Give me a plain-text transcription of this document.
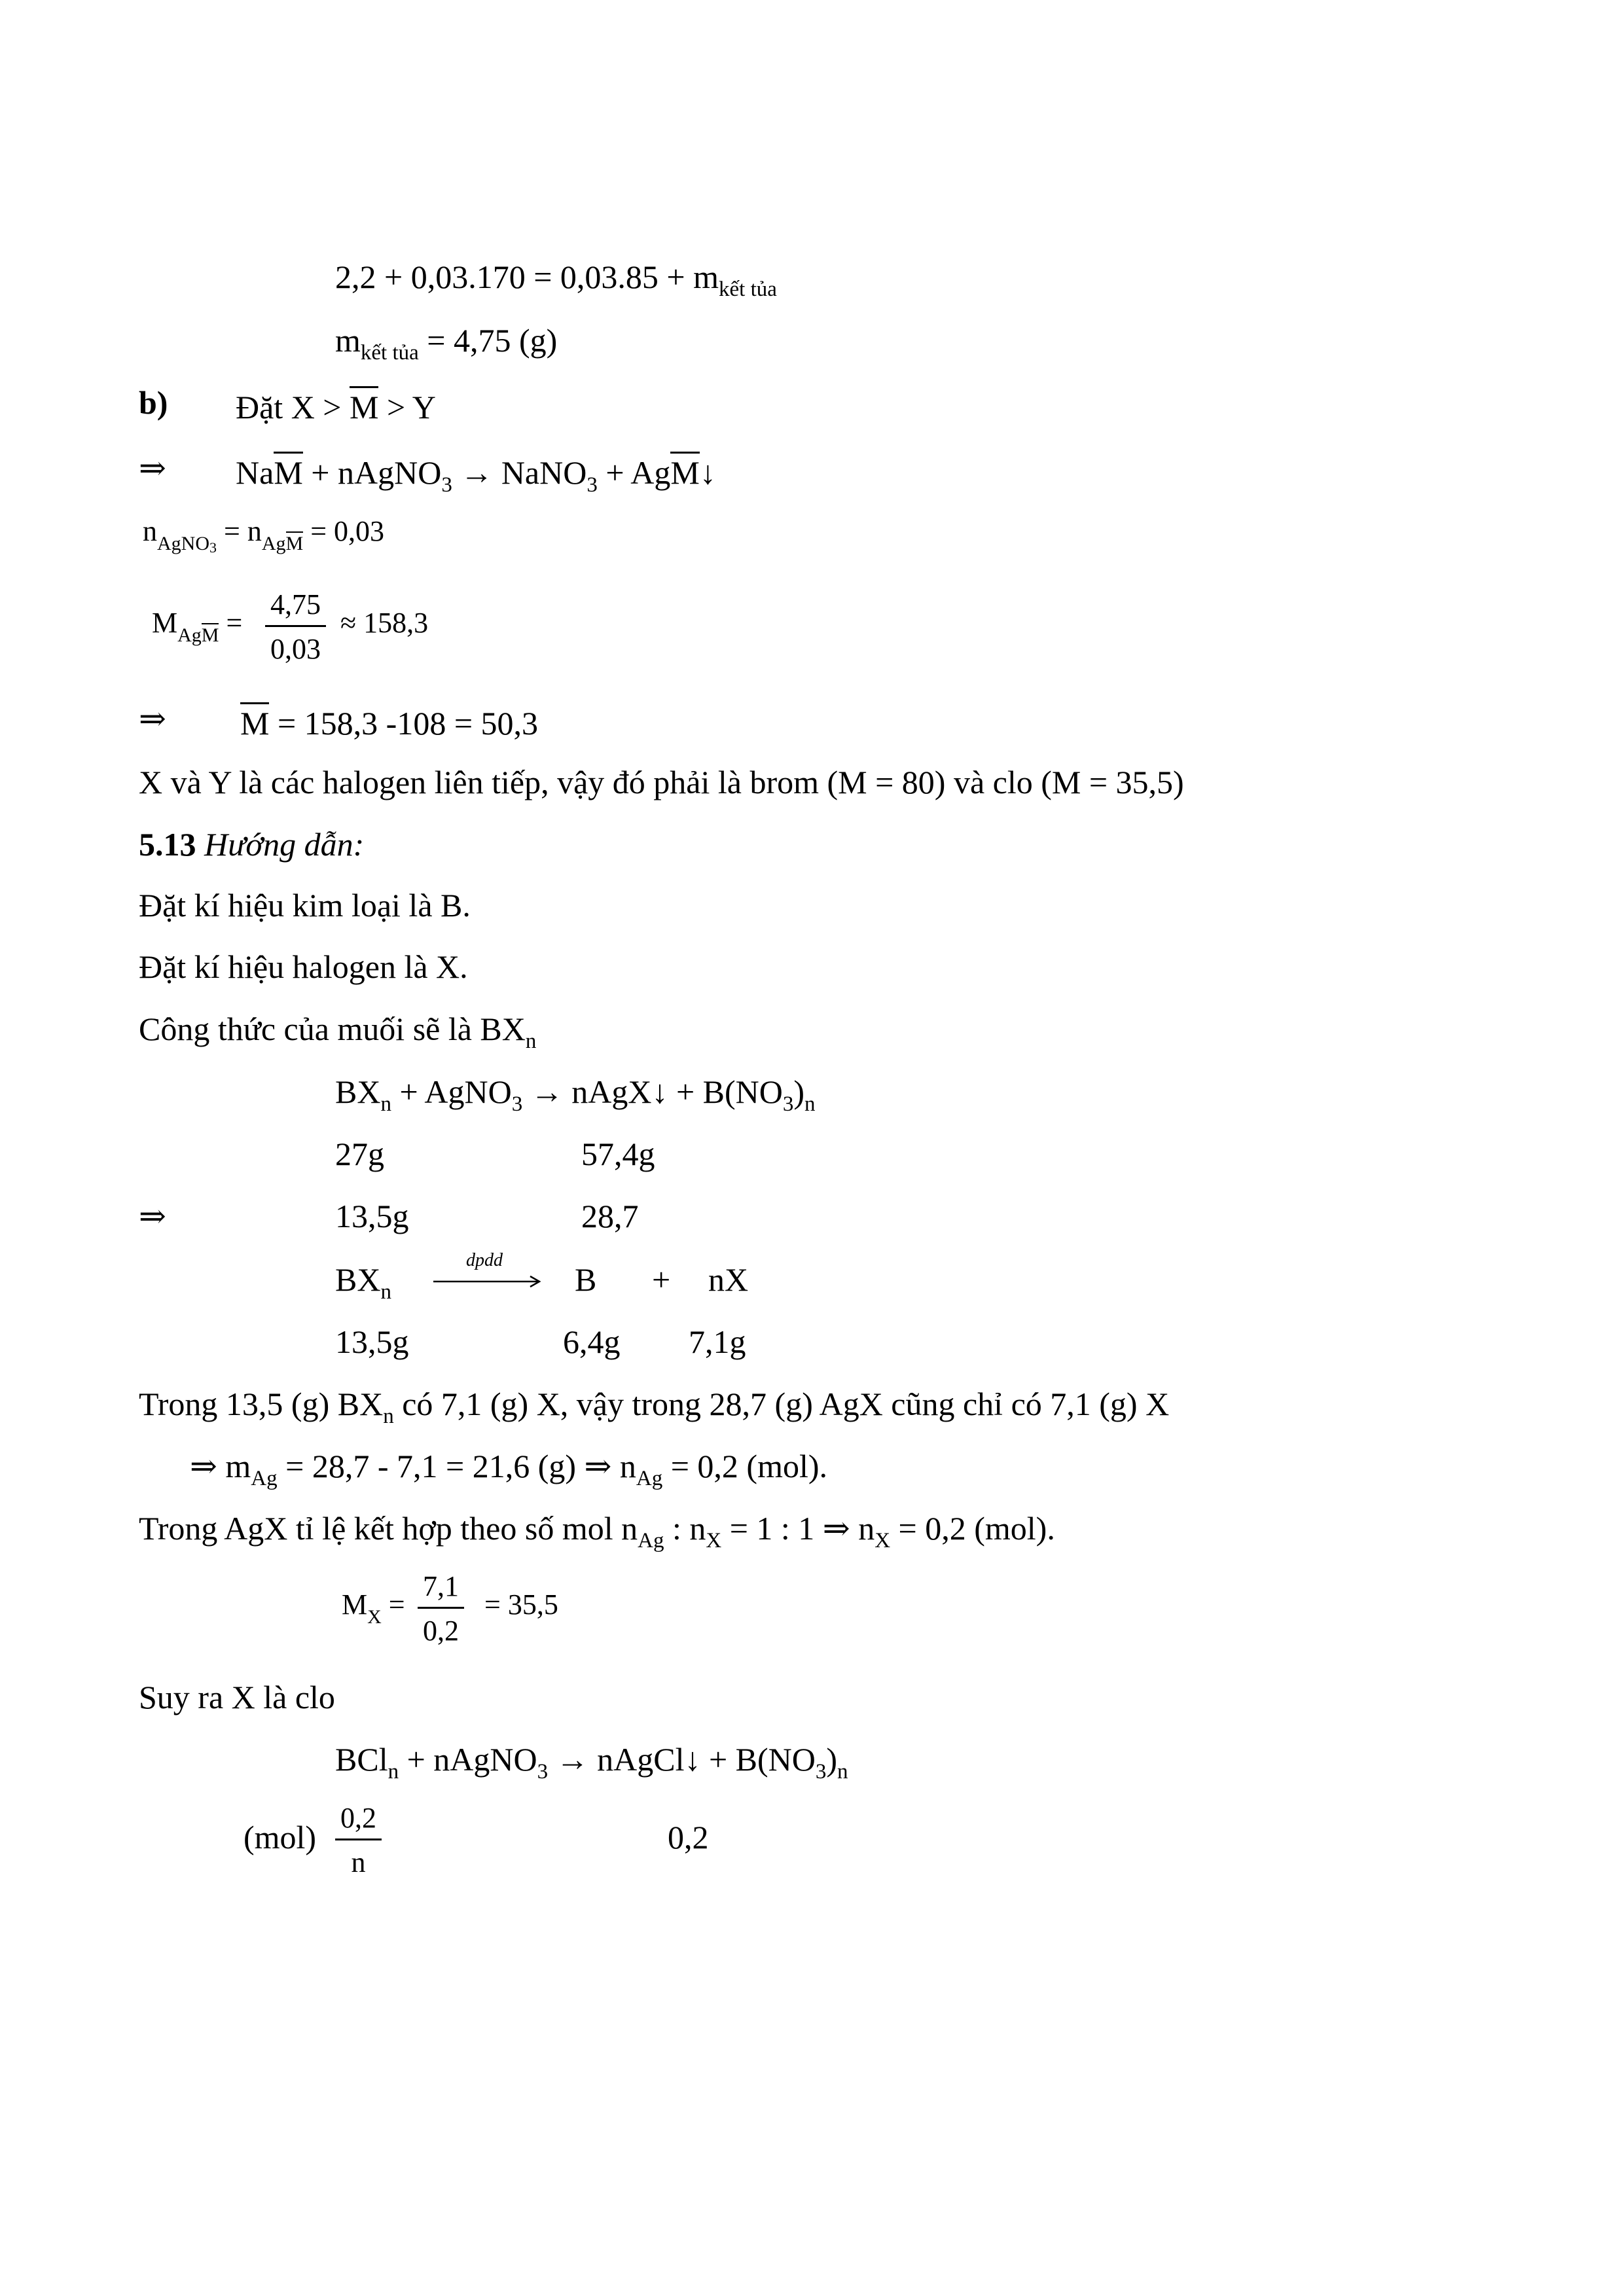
$2,2 + 0,03.170 = 0,03.85 + m_{kết tủa}$
$m_{kết tủa} = 4,75$ (g)
b) Đặt X > M > Y
⇒ NaM + nAgNO$_3$ → NaNO$_3$ + AgM↓
$n_{AgNO3} = n_{Ag}M = 0,03$
$M_{Ag}M = \frac{4,75}{0,03} \approx 158,3$
⇒ M = 158,3 -108 = 50,3
X và Y là các halogen liên tiếp, vậy đó phải là brom (M = 80) và clo (M = 35,5)
5.13 Hướng dẫn:
Đặt kí hiệu kim loại là B.
Đặt kí hiệu halogen là X.
Công thức của muối sẽ là $BX_n$
$BX_n$ + AgNO$_3$ → nAgX↓ + $B(NO_3)_n$
27g	57,4g
⇒	13,5g	28,7
$BX_n$
dpdd
B + nX
13,5g	6,4g 7,1g
Trong 13,5 (g) $BX_n$ có 7,1 (g) X, vậy trong 28,7 (g) AgX cũng chỉ có 7,1 (g) X
⇒ $m_{Ag} = 28,7 - 7,1 = 21,6$ (g) ⇒ $n_{Ag} = 0,2$ (mol).
Trong AgX tỉ lệ kết hợp theo số mol $n_{Ag}$ : $n_X = 1$ : 1 ⇒ $n_X = 0,2$ (mol).
$M_X = \frac{7,1}{0,2} = 35,5$
Suy ra X là clo
BCl$_n$ + nAgNO$_3$ → nAgCl↓ + $B(NO_3)_n$
$(mol) \frac{0,2}{n}$	0,2
